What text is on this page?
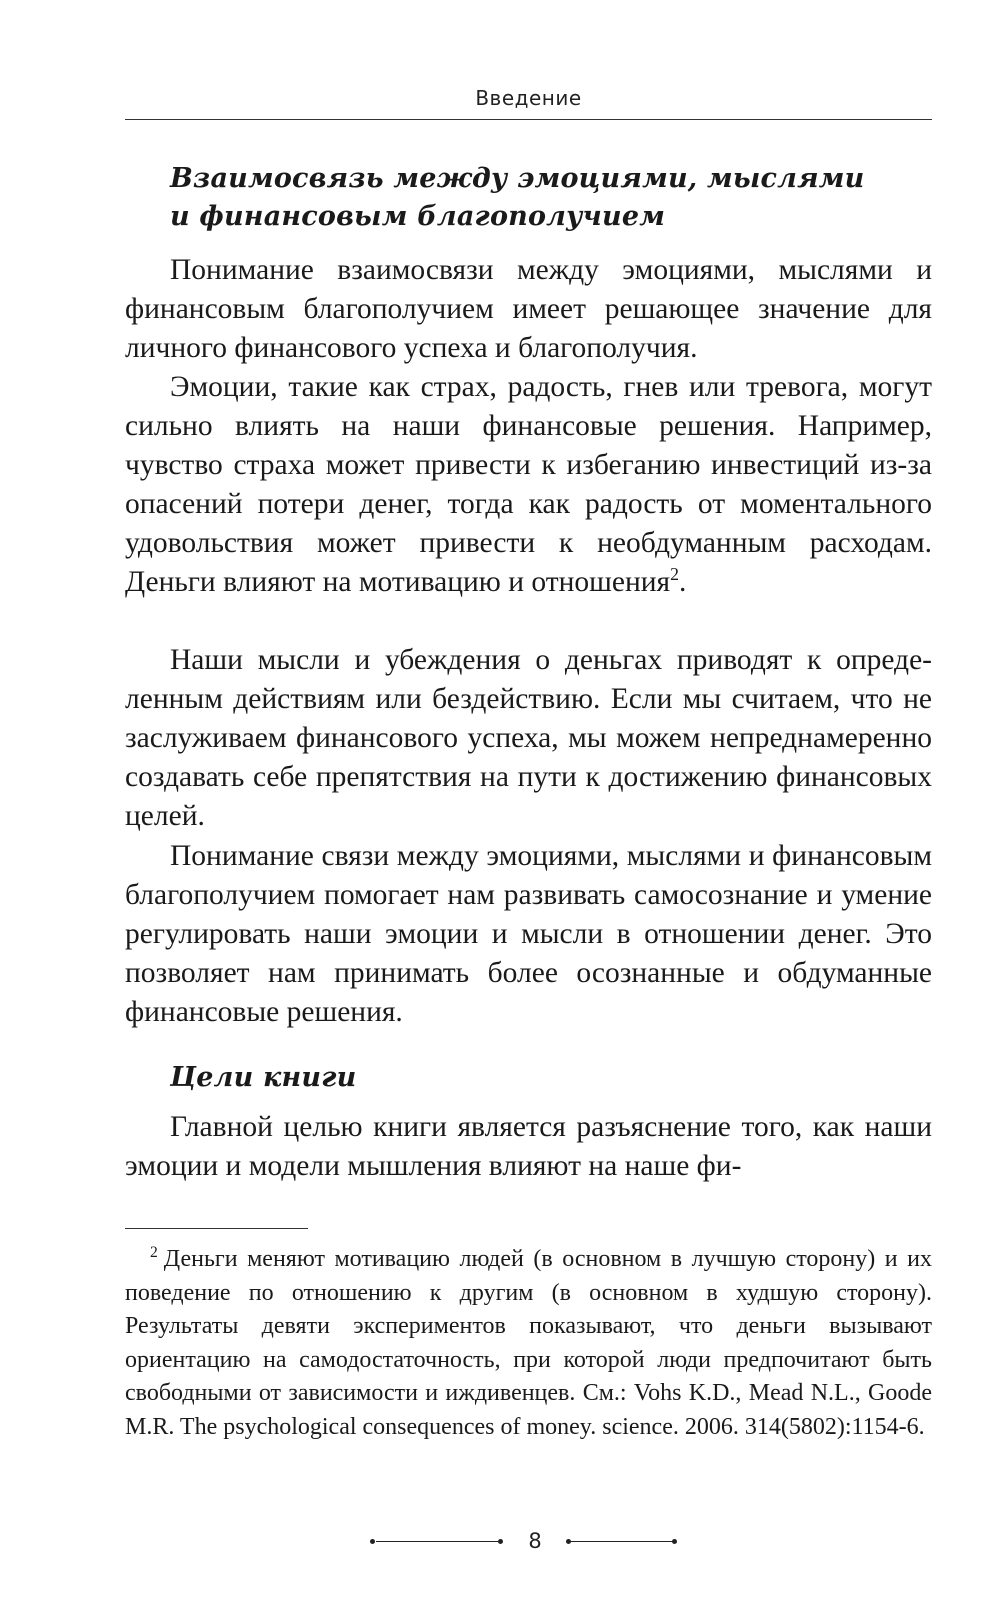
Введение
Взаимосвязь между эмоциями, мыслями
и финансовым благополучием

Понимание взаимосвязи между эмоциями, мыслями и финансовым благополучием имеет решающее значение для личного финансового успеха и благополучия.

Эмоции, такие как страх, радость, гнев или тревога, могут сильно влиять на наши финансовые решения. Например, чувство страха может привести к избеганию инвестиций из-за опасений потери денег, тогда как радость от моментального удовольствия может привести к необдуманным расходам. Деньги влияют на мотивацию и отношения$^2$.

Наши мысли и убеждения о деньгах приводят к определенным действиям или бездействию. Если мы считаем, что не заслуживаем финансового успеха, мы можем непреднамеренно создавать себе препятствия на пути к достижению финансовых целей.

Понимание связи между эмоциями, мыслями и финансовым благополучием помогает нам развивать самосознание и умение регулировать наши эмоции и мысли в отношении денег. Это позволяет нам принимать более осознанные и обдуманные финансовые решения.

Цели книги

Главной целью книги является разъяснение того, как наши эмоции и модели мышления влияют на наше фи-

$^2$ Деньги меняют мотивацию людей (в основном в лучшую сторону) и их поведение по отношению к другим (в основном в худшую сторону). Результаты девяти экспериментов показывают, что деньги вызывают ориентацию на самодостаточность, при которой люди предпочитают быть свободными от зависимости и иждивенцев. См.: Vohs K.D., Mead N.L., Goode M.R. The psychological consequences of money. science. 2006. 314(5802):1154-6.

8
